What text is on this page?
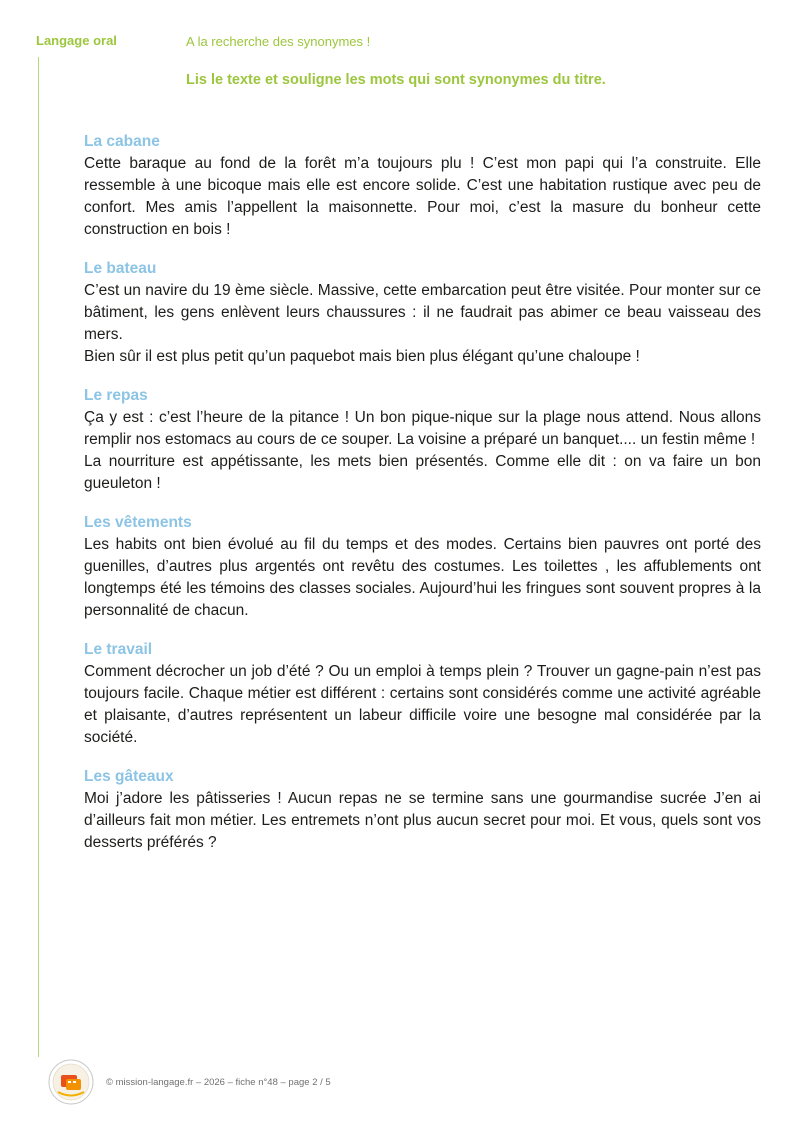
Langage oral	A la recherche des synonymes !
Lis le texte et souligne les mots qui sont synonymes du titre.
La cabane

Cette baraque au fond de la forêt m’a toujours plu ! C’est mon papi qui l’a construite. Elle ressemble à une bicoque mais elle est encore solide. C’est une habitation rustique avec peu de confort. Mes amis l’appellent la maisonnette. Pour moi, c’est la masure du bonheur cette construction en bois !

Le bateau

C’est un navire du 19 ème siècle. Massive, cette embarcation peut être visitée. Pour monter sur ce bâtiment, les gens enlèvent leurs chaussures : il ne faudrait pas abimer ce beau vaisseau des mers.

Bien sûr il est plus petit qu’un paquebot mais bien plus élégant qu’une chaloupe !

Le repas

Ça y est : c’est l’heure de la pitance ! Un bon pique-nique sur la plage nous attend. Nous allons remplir nos estomacs au cours de ce souper. La voisine a préparé un banquet.... un festin même !

La nourriture est appétissante, les mets bien présentés. Comme elle dit : on va faire un bon gueuleton !

Les vêtements

Les habits ont bien évolué au fil du temps et des modes. Certains bien pauvres ont porté des guenilles, d’autres plus argentés ont revêtu des costumes. Les toilettes , les affublements ont longtemps été les témoins des classes sociales. Aujourd’hui les fringues sont souvent propres à la personnalité de chacun.

Le travail

Comment décrocher un job d’été ? Ou un emploi à temps plein ? Trouver un gagne-pain n’est pas toujours facile. Chaque métier est différent : certains sont considérés comme une activité agréable et plaisante, d’autres représentent un labeur difficile voire une besogne mal considérée par la société.

Les gâteaux

Moi j’adore les pâtisseries ! Aucun repas ne se termine sans une gourmandise sucrée J’en ai d’ailleurs fait mon métier. Les entremets n’ont plus aucun secret pour moi. Et vous, quels sont vos desserts préférés ?

© mission-langage.fr – 2026 – fiche n°48 – page 2 / 5
